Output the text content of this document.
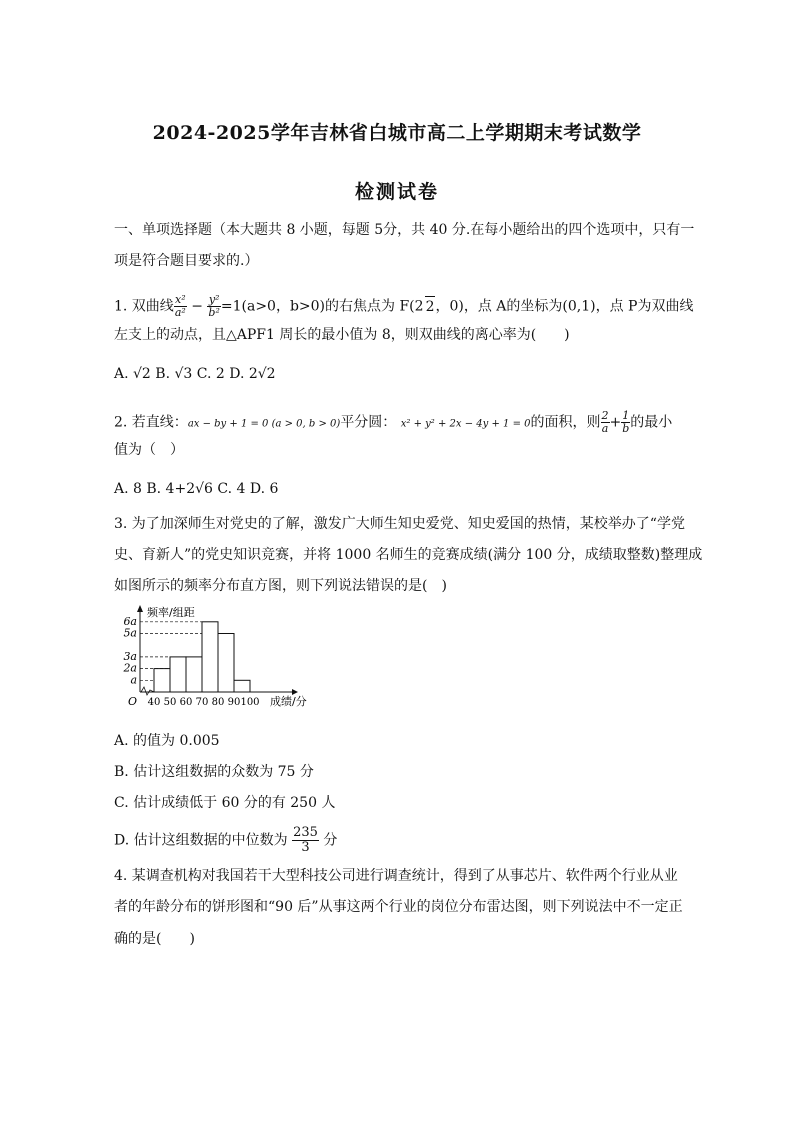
2024-2025学年吉林省白城市高二上学期期末考试数学
检测试卷
一、单项选择题（本大题共 8 小题，每题 5分，共 40 分.在每小题给出的四个选项中，只有一
项是符合题目要求的.）
1. 双曲线 $\frac{\text{x²}}{\text{a²}} - \frac{\text{y²}}{\text{b²}} =1(a>0$，b>0)的右焦点为 F(2 2，0)，点 A的坐标为(0,1)，点 P为双曲线
左支上的动点，且△APF1 周长的最小值为 8，则双曲线的离心率为(　　)
A. √2 B. √3 C. 2 D. 2√2
2. 若直线：ax − by + 1 = 0 (a > 0, b > 0)平分圆： x² + y² + 2x − 4y + 1 = 0的面积，则 $\frac{2}{a} + \frac{1}{b}$ 的最小
值为（　）
A. 8 B. 4+2√6 C. 4 D. 6
3. 为了加深师生对党史的了解，激发广大师生知史爱党、知史爱国的热情，某校举办了“学党
史、育新人”的党史知识竞赛，并将 1000 名师生的竞赛成绩(满分 100 分，成绩取整数)整理成
如图所示的频率分布直方图，则下列说法错误的是(　)
a
2a
3a
5a
6a
40 50 60 70 80 90 100
O
频率/组距
成绩/分
A. 的值为 0.005
B. 估计这组数据的众数为 75 分
C. 估计成绩低于 60 分的有 250 人
D. 估计这组数据的中位数为 $\frac{235}{3}$ 分
4. 某调查机构对我国若干大型科技公司进行调查统计，得到了从事芯片、软件两个行业从业
者的年龄分布的饼形图和“90 后”从事这两个行业的岗位分布雷达图，则下列说法中不一定正
确的是(　　)
